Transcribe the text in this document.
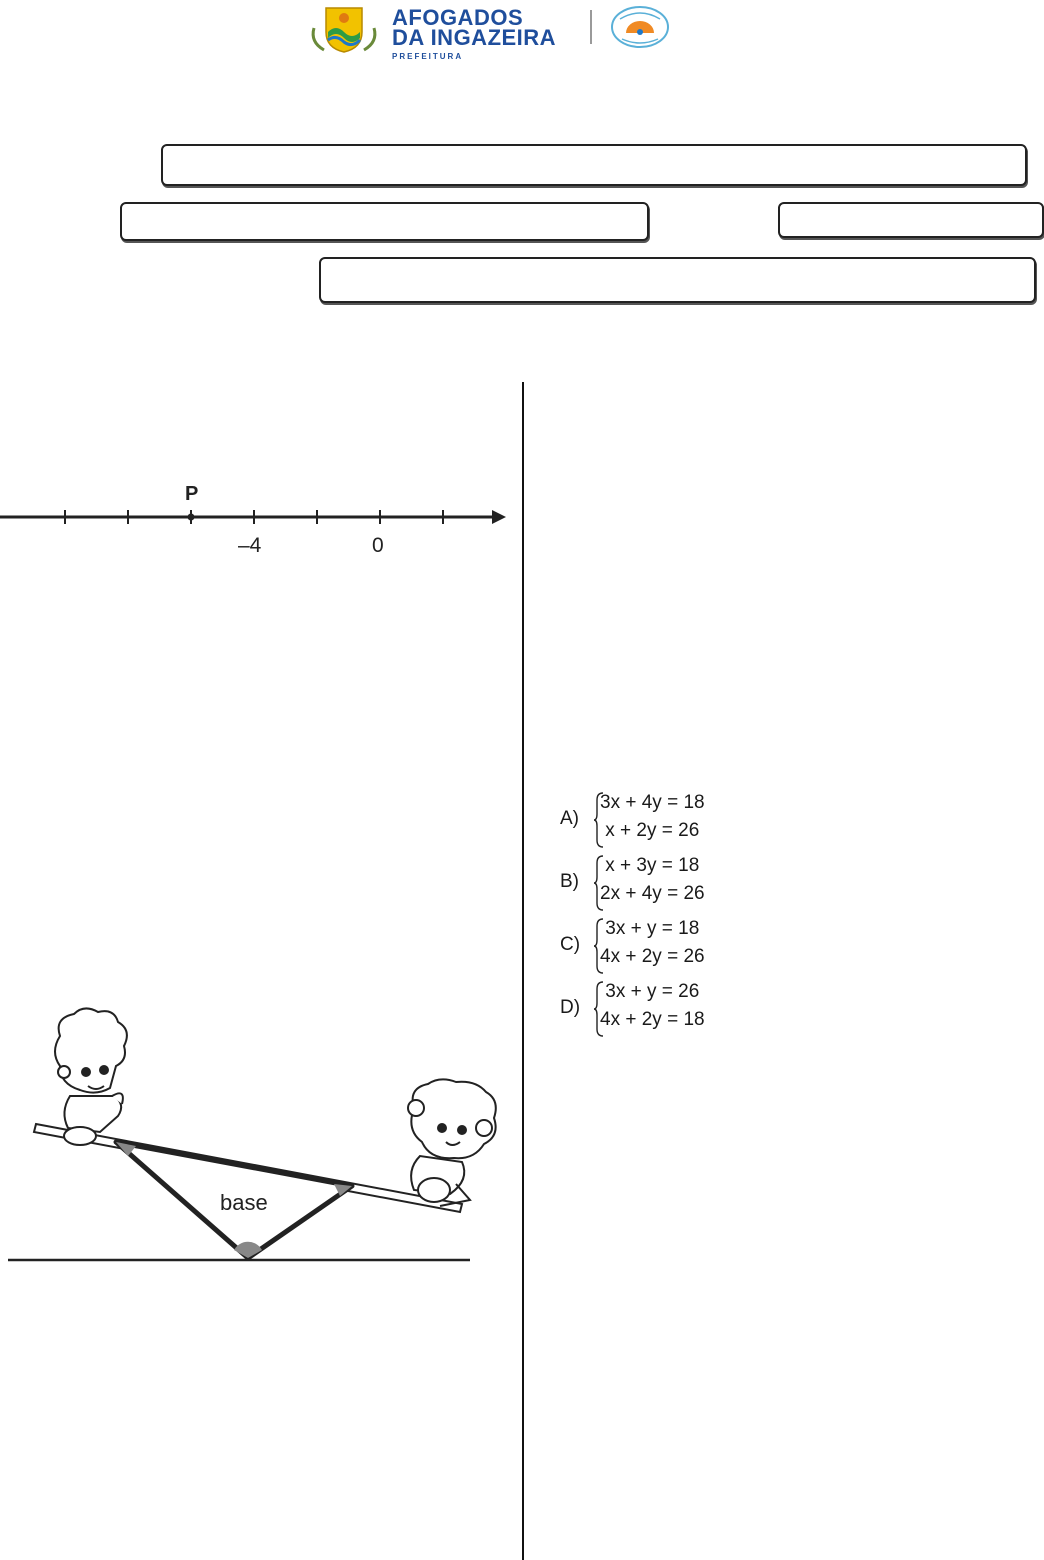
AFOGADOS
DA INGAZEIRA
PREFEITURA
P
–4	0
base
A)
3x + 4y = 18
x + 2y = 26
B)
x + 3y = 18
2x + 4y = 26
C)
3x + y = 18
4x + 2y = 26
D)
3x + y = 26
4x + 2y = 18
